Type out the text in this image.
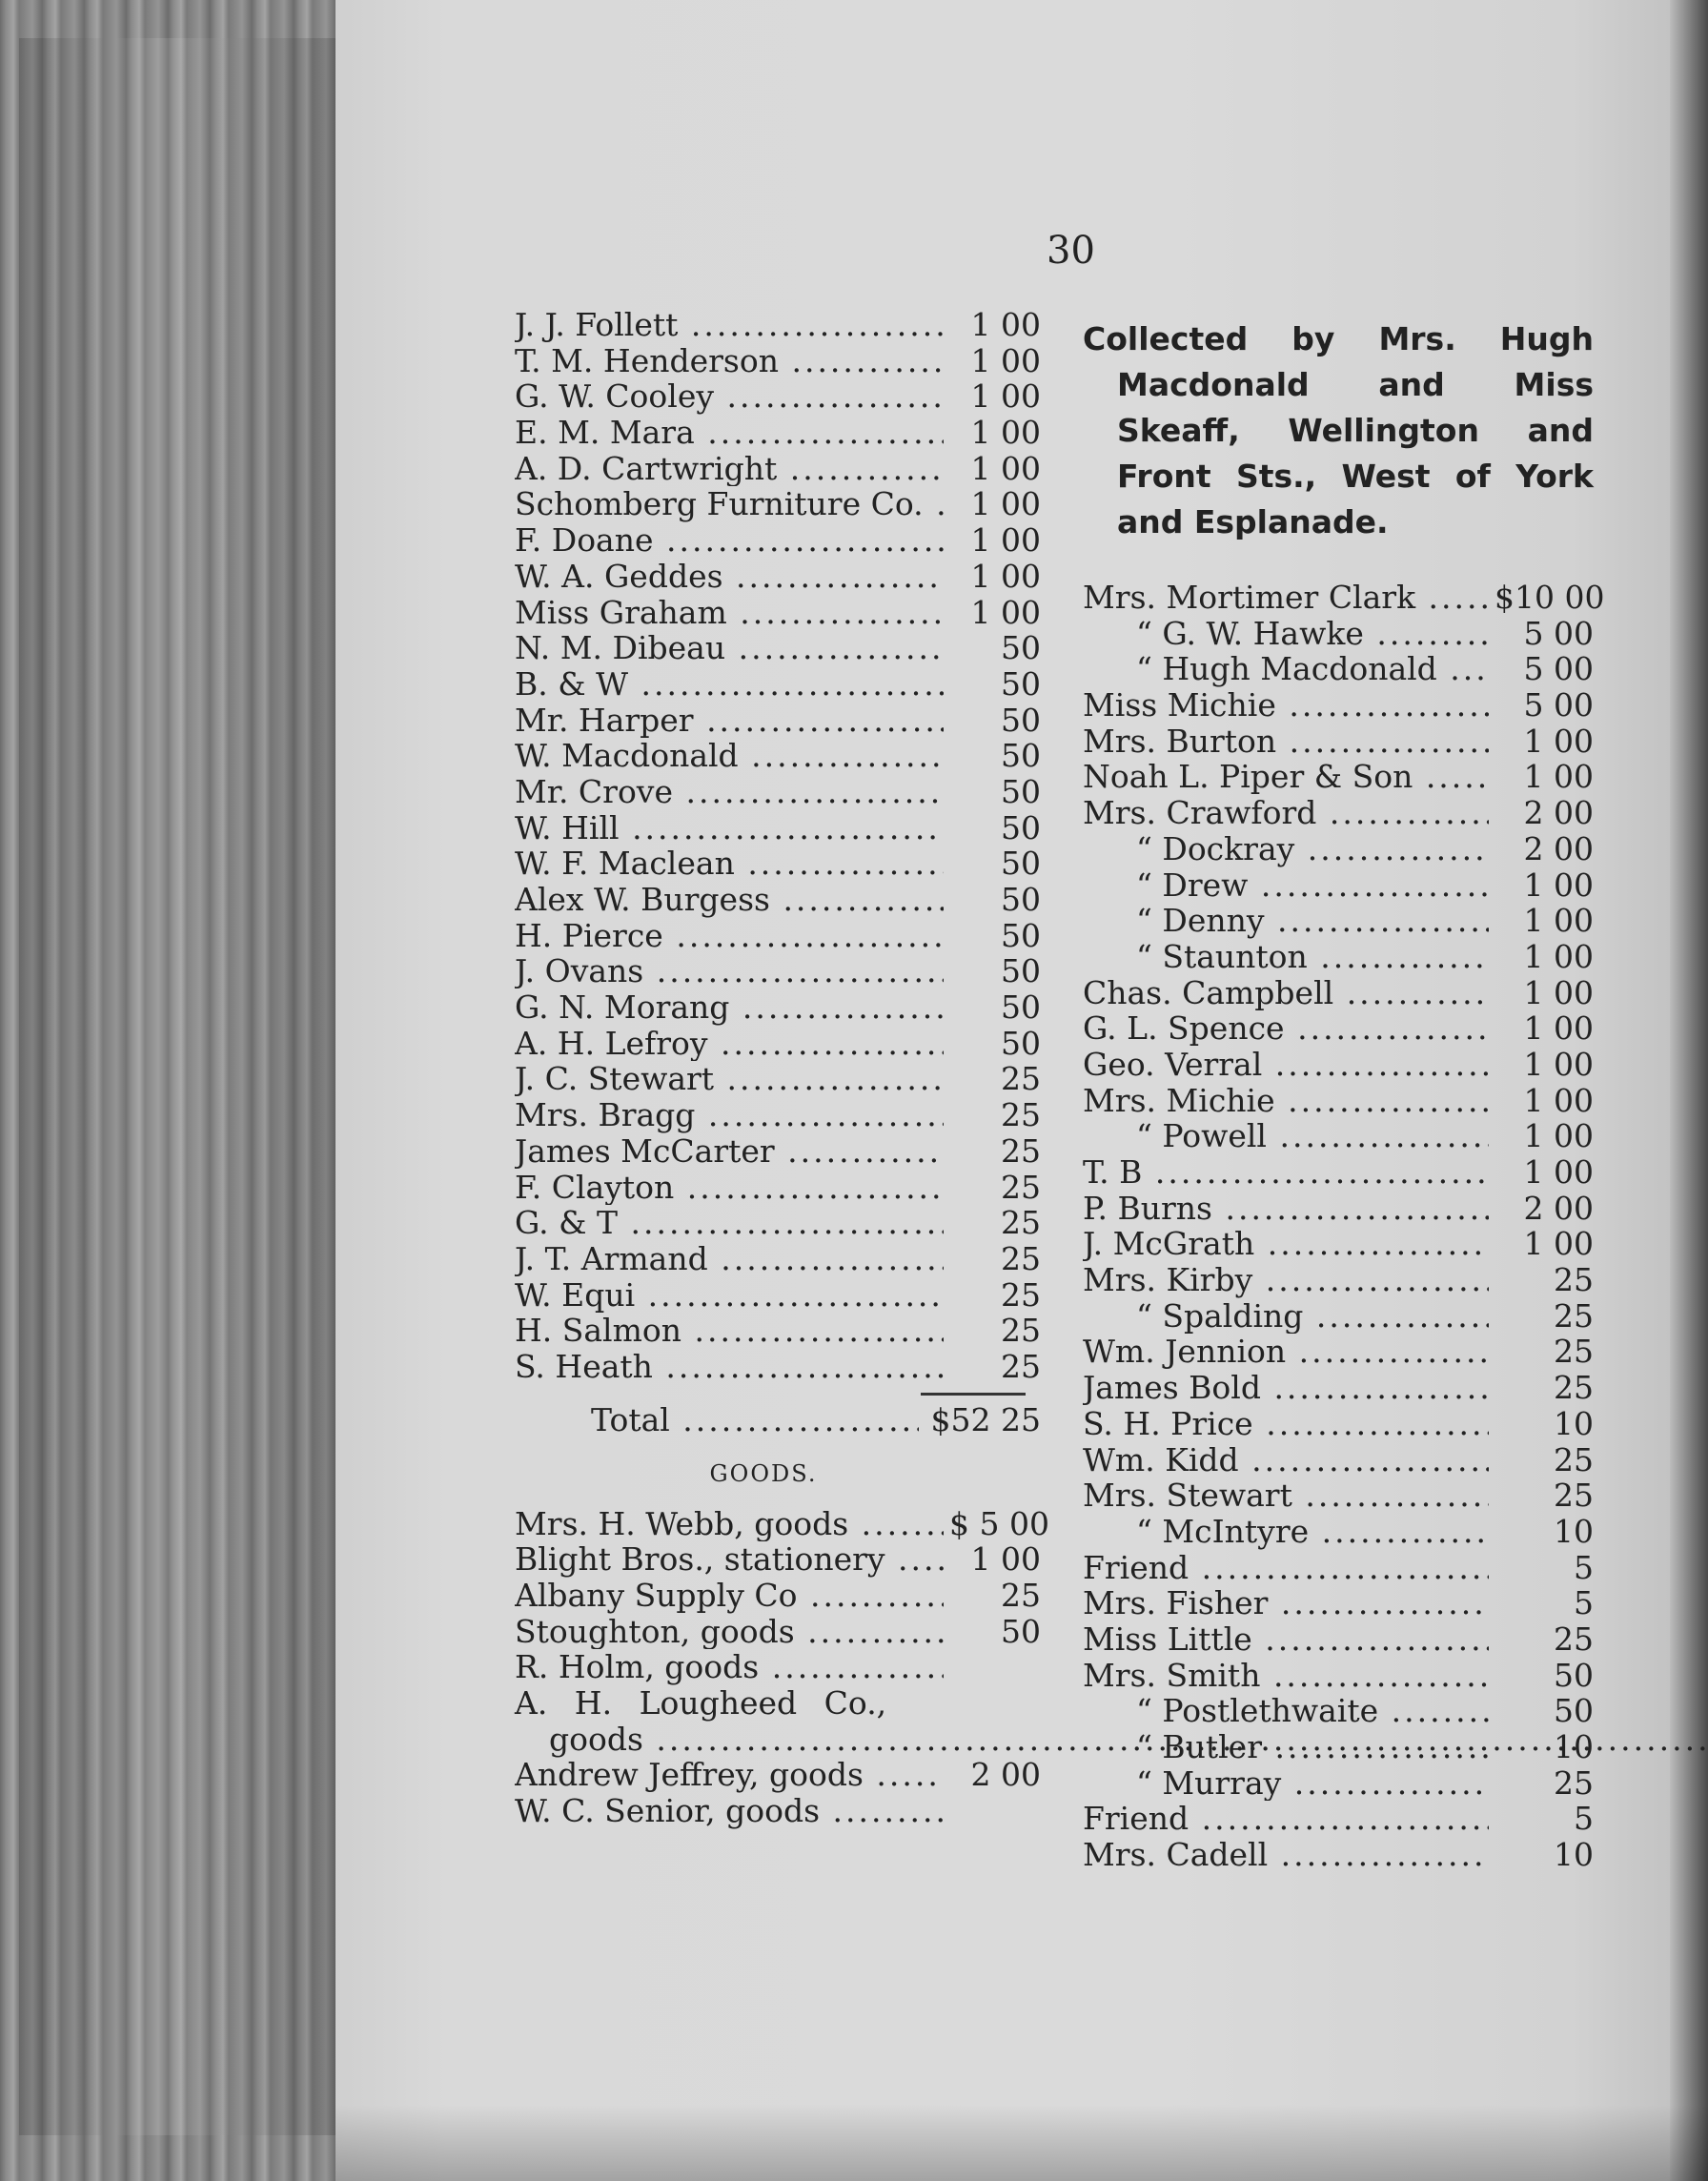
30
J. J. Follett .....	1 00
T. M. Henderson .....	1 00
G. W. Cooley .....	1 00
E. M. Mara .....	1 00
A. D. Cartwright .....	1 00
Schomberg Furniture Co. .....	1 00
F. Doane .....	1 00
W. A. Geddes .....	1 00
Miss Graham .....	1 00
N. M. Dibeau .....	50
B. & W .....	50
Mr. Harper .....	50
W. Macdonald .....	50
Mr. Crove .....	50
W. Hill .....	50
W. F. Maclean .....	50
Alex W. Burgess .....	50
H. Pierce .....	50
J. Ovans .....	50
G. N. Morang .....	50
A. H. Lefroy .....	50
J. C. Stewart .....	25
Mrs. Bragg .....	25
James McCarter .....	25
F. Clayton .....	25
G. & T .....	25
J. T. Armand .....	25
W. Equi .....	25
H. Salmon .....	25
S. Heath .....	25
Total .....	$52 25
GOODS.
Mrs. H. Webb, goods .....	$ 5 00
Blight Bros., stationery .....	1 00
Albany Supply Co .....	25
Stoughton, goods .....	50
R. Holm, goods .....
A. H. Lougheed Co.,
goods .....
Andrew Jeffrey, goods .....	2 00
W. C. Senior, goods .....
Collected by Mrs. Hugh
Macdonald and Miss
Skeaff, Wellington and
Front Sts., West of York
and Esplanade.
Mrs. Mortimer Clark .....	$10 00
“ G. W. Hawke .....	5 00
“ Hugh Macdonald .....	5 00
Miss Michie .....	5 00
Mrs. Burton .....	1 00
Noah L. Piper & Son .....	1 00
Mrs. Crawford .....	2 00
“ Dockray .....	2 00
“ Drew .....	1 00
“ Denny .....	1 00
“ Staunton .....	1 00
Chas. Campbell .....	1 00
G. L. Spence .....	1 00
Geo. Verral .....	1 00
Mrs. Michie .....	1 00
“ Powell .....	1 00
T. B .....	1 00
P. Burns .....	2 00
J. McGrath .....	1 00
Mrs. Kirby .....	25
“ Spalding .....	25
Wm. Jennion .....	25
James Bold .....	25
S. H. Price .....	10
Wm. Kidd .....	25
Mrs. Stewart .....	25
“ McIntyre .....	10
Friend .....	5
Mrs. Fisher .....	5
Miss Little .....	25
Mrs. Smith .....	50
“ Postlethwaite .....	50
“ Butler .....	10
“ Murray .....	25
Friend .....	5
Mrs. Cadell .....	10
